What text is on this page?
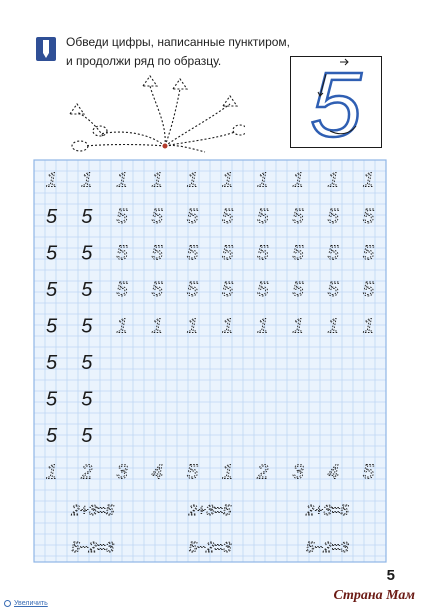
Обведи цифры, написанные пунктиром,
и продолжи ряд по образцу. 5
1 1 1 1 1 1 1 1 1 1
5 5 5 5 5 5 5 5 5 5
5 5 5 5 5 5 5 5 5 5
5 5 5 5 5 5 5 5 5 5
5 5 1 1 1 1 1 1 1 1
5 5
5 5
5 5
1 2 3 4 5 1 2 3 4 5
2+3=5	2+3=5	2+3=5
5−2=3	5−2=3	5−2=3
5
Увеличить
Страна Мам
